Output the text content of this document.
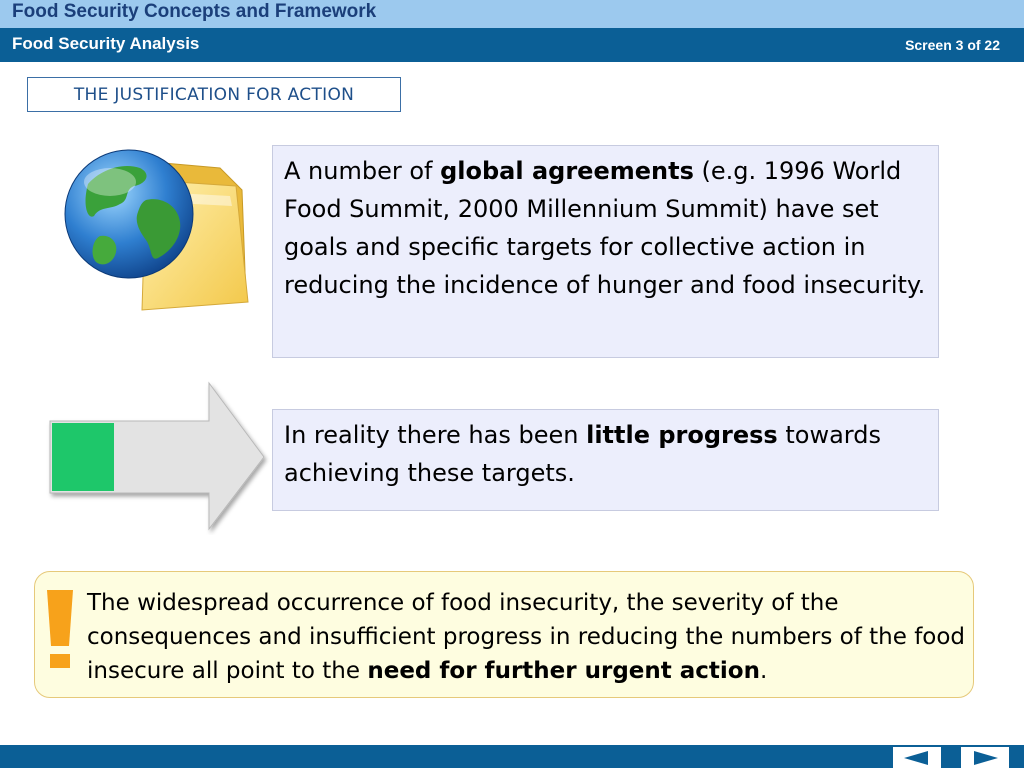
Food Security Concepts and Framework
Food Security Analysis	Screen 3 of 22
THE JUSTIFICATION FOR ACTION
A number of global agreements (e.g. 1996 World Food Summit, 2000 Millennium Summit) have set goals and specific targets for collective action in reducing the incidence of hunger and food insecurity.
In reality there has been little progress towards achieving these targets.
The widespread occurrence of food insecurity, the severity of the consequences and insufficient progress in reducing the numbers of the food insecure all point to the need for further urgent action.
